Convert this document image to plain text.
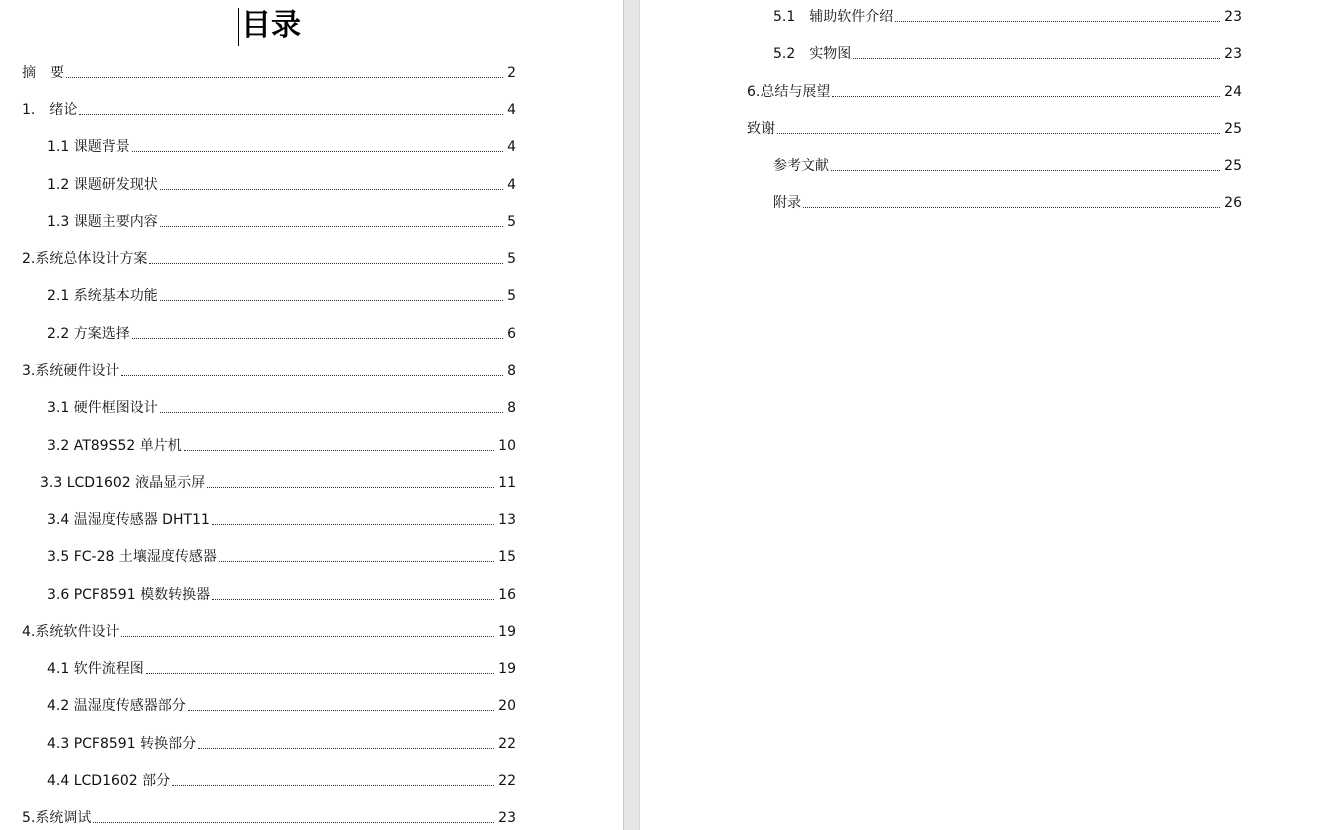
目录
摘　要	2
1.　绪论	4
1.1 课题背景	4
1.2 课题研发现状	4
1.3 课题主要内容	5
2.系统总体设计方案	5
2.1 系统基本功能	5
2.2 方案选择	6
3.系统硬件设计	8
3.1 硬件框图设计	8
3.2 AT89S52 单片机	10
3.3 LCD1602 液晶显示屏	11
3.4 温湿度传感器 DHT11	13
3.5 FC-28 土壤湿度传感器	15
3.6 PCF8591 模数转换器	16
4.系统软件设计	19
4.1 软件流程图	19
4.2 温湿度传感器部分	20
4.3 PCF8591 转换部分	22
4.4 LCD1602 部分	22
5.系统调试	23
5.1　辅助软件介绍	23
5.2　实物图	23
6.总结与展望	24
致谢	25
参考文献	25
附录	26
